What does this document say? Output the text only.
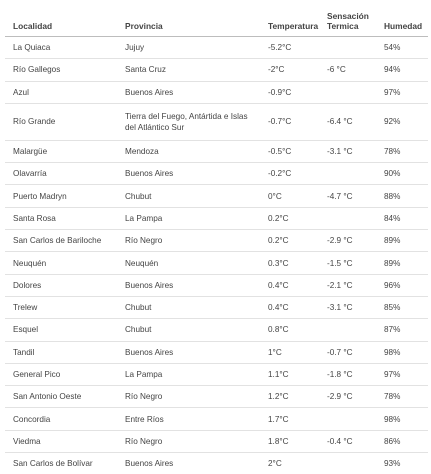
Localidad	Provincia	Temperatura	Sensación Termica	Humedad
La Quiaca	Jujuy	-5.2°C		54%
Río Gallegos	Santa Cruz	-2°C	-6 °C	94%
Azul	Buenos Aires	-0.9°C		97%
Río Grande	Tierra del Fuego, Antártida e Islas del Atlántico Sur	-0.7°C	-6.4 °C	92%
Malargüe	Mendoza	-0.5°C	-3.1 °C	78%
Olavarría	Buenos Aires	-0.2°C		90%
Puerto Madryn	Chubut	0°C	-4.7 °C	88%
Santa Rosa	La Pampa	0.2°C		84%
San Carlos de Bariloche	Río Negro	0.2°C	-2.9 °C	89%
Neuquén	Neuquén	0.3°C	-1.5 °C	89%
Dolores	Buenos Aires	0.4°C	-2.1 °C	96%
Trelew	Chubut	0.4°C	-3.1 °C	85%
Esquel	Chubut	0.8°C		87%
Tandil	Buenos Aires	1°C	-0.7 °C	98%
General Pico	La Pampa	1.1°C	-1.8 °C	97%
San Antonio Oeste	Río Negro	1.2°C	-2.9 °C	78%
Concordia	Entre Ríos	1.7°C		98%
Viedma	Río Negro	1.8°C	-0.4 °C	86%
San Carlos de Bolívar	Buenos Aires	2°C		93%
